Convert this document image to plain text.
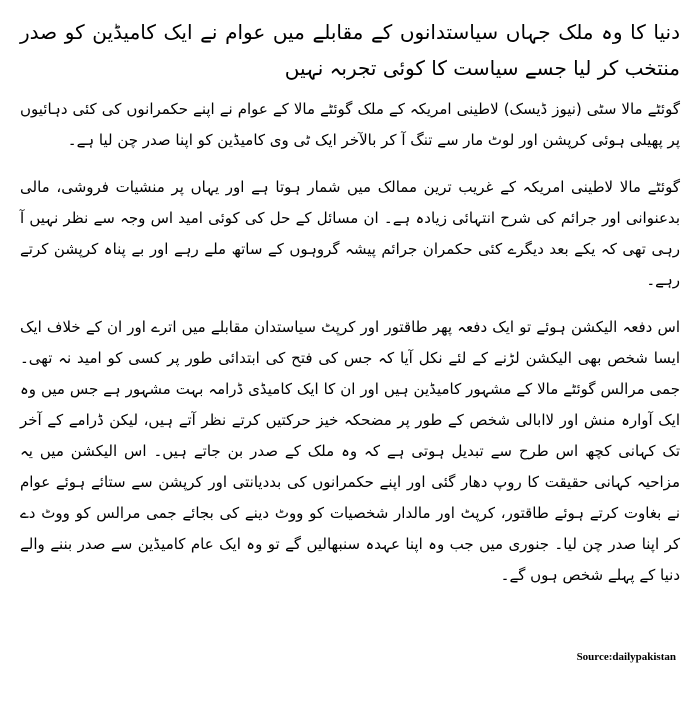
دنیا کا وہ ملک جہاں سیاستدانوں کے مقابلے میں عوام نے ایک کامیڈین کو صدر منتخب کر لیا جسے سیاست کا کوئی تجربہ نہیں

گوئٹے مالا سٹی (نیوز ڈیسک) لاطینی امریکہ کے ملک گوئٹے مالا کے عوام نے اپنے حکمرانوں کی کئی دہائیوں پر پھیلی ہوئی کرپشن اور لوٹ مار سے تنگ آ کر بالآخر ایک ٹی وی کامیڈین کو اپنا صدر چن لیا ہے۔

گوئٹے مالا لاطینی امریکہ کے غریب ترین ممالک میں شمار ہوتا ہے اور یہاں پر منشیات فروشی، مالی بدعنوانی اور جرائم کی شرح انتہائی زیادہ ہے۔ ان مسائل کے حل کی کوئی امید اس وجہ سے نظر نہیں آ رہی تھی کہ یکے بعد دیگرے کئی حکمران جرائم پیشہ گروہوں کے ساتھ ملے رہے اور بے پناہ کرپشن کرتے رہے۔

اس دفعہ الیکشن ہوئے تو ایک دفعہ پھر طاقتور اور کرپٹ سیاستدان مقابلے میں اترے اور ان کے خلاف ایک ایسا شخص بھی الیکشن لڑنے کے لئے نکل آیا کہ جس کی فتح کی ابتدائی طور پر کسی کو امید نہ تھی۔ جمی مرالس گوئٹے مالا کے مشہور کامیڈین ہیں اور ان کا ایک کامیڈی ڈرامہ بہت مشہور ہے جس میں وہ ایک آوارہ منش اور لاابالی شخص کے طور پر مضحکہ خیز حرکتیں کرتے نظر آتے ہیں، لیکن ڈرامے کے آخر تک کہانی کچھ اس طرح سے تبدیل ہوتی ہے کہ وہ ملک کے صدر بن جاتے ہیں۔ اس الیکشن میں یہ مزاحیہ کہانی حقیقت کا روپ دھار گئی اور اپنے حکمرانوں کی بددیانتی اور کرپشن سے ستائے ہوئے عوام نے بغاوت کرتے ہوئے طاقتور، کرپٹ اور مالدار شخصیات کو ووٹ دینے کی بجائے جمی مرالس کو ووٹ دے کر اپنا صدر چن لیا۔ جنوری میں جب وہ اپنا عہدہ سنبھالیں گے تو وہ ایک عام کامیڈین سے صدر بننے والے دنیا کے پہلے شخص ہوں گے۔

Source:dailypakistan
